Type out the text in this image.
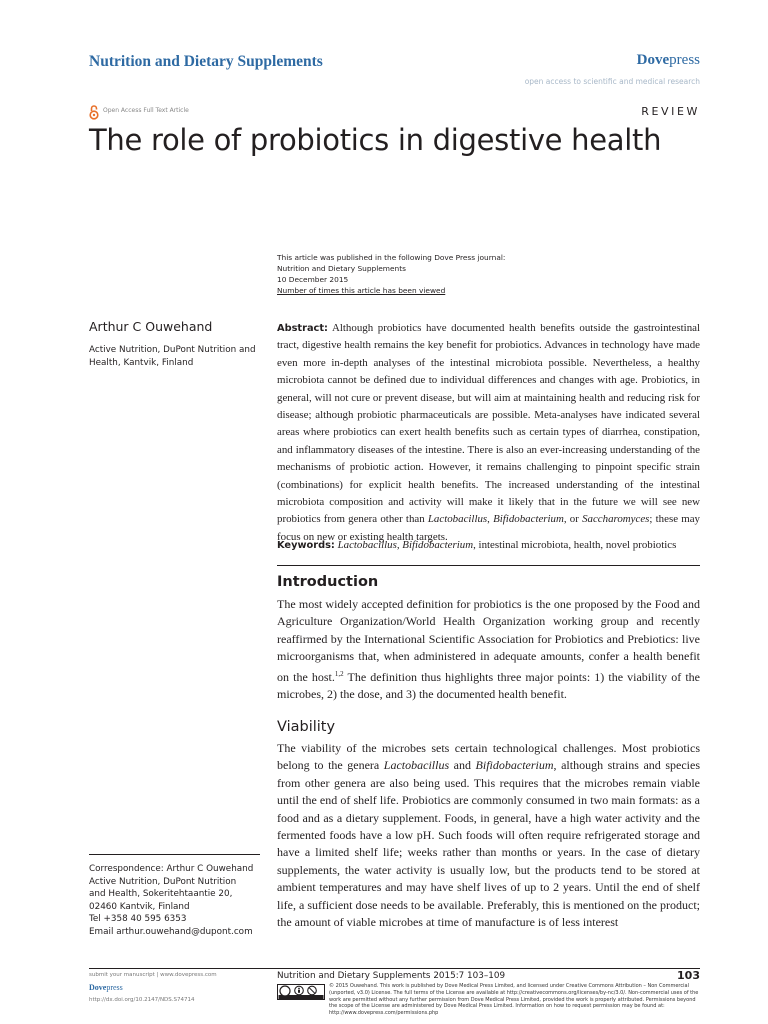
Nutrition and Dietary Supplements	Dovepress
open access to scientific and medical research
Open Access Full Text Article	REVIEW
The role of probiotics in digestive health
This article was published in the following Dove Press journal:
Nutrition and Dietary Supplements
10 December 2015
Number of times this article has been viewed
Arthur C Ouwehand
Active Nutrition, DuPont Nutrition and Health, Kantvik, Finland
Abstract: Although probiotics have documented health benefits outside the gastrointestinal tract, digestive health remains the key benefit for probiotics. Advances in technology have made even more in-depth analyses of the intestinal microbiota possible. Nevertheless, a healthy microbiota cannot be defined due to individual differences and changes with age. Probiotics, in general, will not cure or prevent disease, but will aim at maintaining health and reducing risk for disease; although probiotic pharmaceuticals are possible. Meta-analyses have indicated several areas where probiotics can exert health benefits such as certain types of diarrhea, constipation, and inflammatory diseases of the intestine. There is also an ever-increasing understanding of the mechanisms of probiotic action. However, it remains challenging to pinpoint specific strain (combinations) for explicit health benefits. The increased understanding of the intestinal microbiota composition and activity will make it likely that in the future we will see new probiotics from genera other than Lactobacillus, Bifidobacterium, or Saccharomyces; these may focus on new or existing health targets.
Keywords: Lactobacillus, Bifidobacterium, intestinal microbiota, health, novel probiotics
Introduction
The most widely accepted definition for probiotics is the one proposed by the Food and Agriculture Organization/World Health Organization working group and recently reaffirmed by the International Scientific Association for Probiotics and Prebiotics: live microorganisms that, when administered in adequate amounts, confer a health benefit on the host.$^{1,2}$ The definition thus highlights three major points: 1) the viability of the microbes, 2) the dose, and 3) the documented health benefit.
Viability
The viability of the microbes sets certain technological challenges. Most probiotics belong to the genera Lactobacillus and Bifidobacterium, although strains and species from other genera are also being used. This requires that the microbes remain viable until the end of shelf life. Probiotics are commonly consumed in two main formats: as a food and as a dietary supplement. Foods, in general, have a high water activity and the fermented foods have a low pH. Such foods will often require refrigerated storage and have a limited shelf life; weeks rather than months or years. In the case of dietary supplements, the water activity is usually low, but the products tend to be stored at ambient temperatures and may have shelf lives of up to 2 years. Until the end of shelf life, a sufficient dose needs to be available. Preferably, this is mentioned on the product; the amount of viable microbes at time of manufacture is of less interest
Correspondence: Arthur C Ouwehand
Active Nutrition, DuPont Nutrition
and Health, Sokeritehtaantie 20,
02460 Kantvik, Finland
Tel +358 40 595 6353
Email arthur.ouwehand@dupont.com
submit your manuscript | www.dovepress.com
Dovepress
http://dx.doi.org/10.2147/NDS.S74714
Nutrition and Dietary Supplements 2015:7 103–109	103
© 2015 Ouwehand. This work is published by Dove Medical Press Limited, and licensed under Creative Commons Attribution – Non Commercial (unported, v3.0) License. The full terms of the License are available at http://creativecommons.org/licenses/by-nc/3.0/. Non-commercial uses of the work are permitted without any further permission from Dove Medical Press Limited, provided the work is properly attributed. Permissions beyond the scope of the License are administered by Dove Medical Press Limited. Information on how to request permission may be found at: http://www.dovepress.com/permissions.php
